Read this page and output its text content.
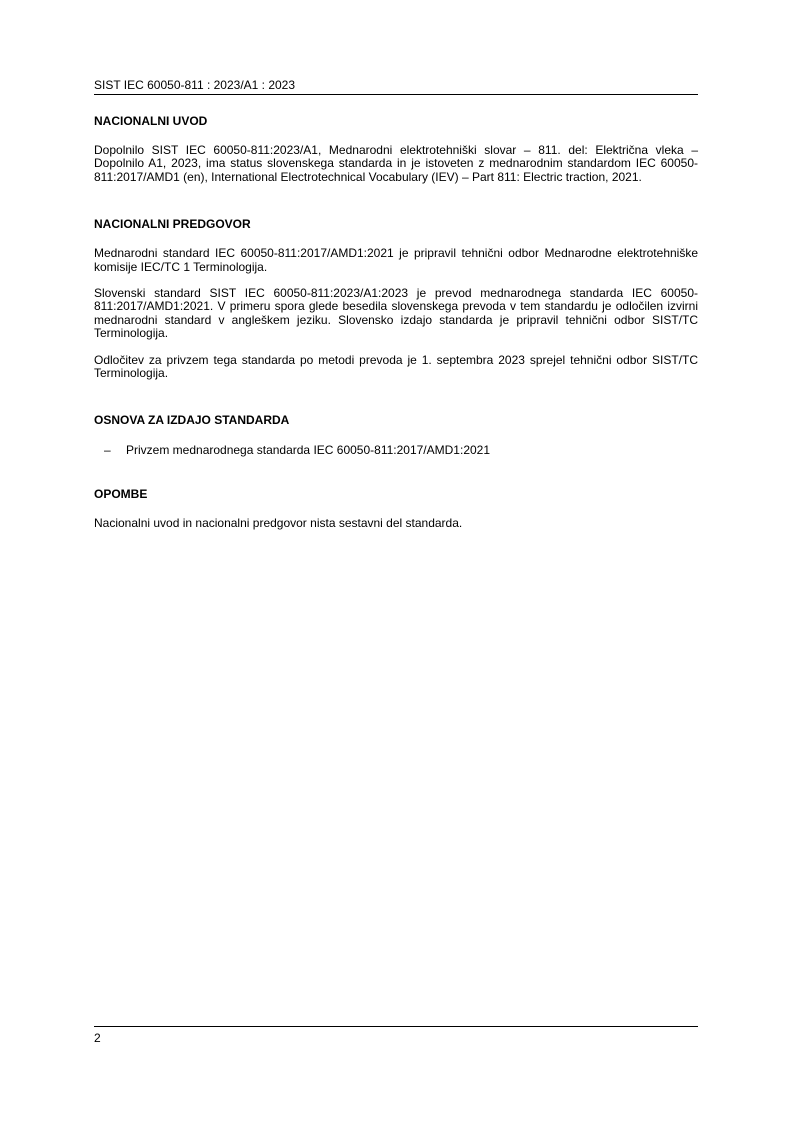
SIST IEC 60050-811 : 2023/A1 : 2023
NACIONALNI UVOD

Dopolnilo SIST IEC 60050-811:2023/A1, Mednarodni elektrotehniški slovar – 811. del: Električna vleka – Dopolnilo A1, 2023, ima status slovenskega standarda in je istoveten z mednarodnim standardom IEC 60050-811:2017/AMD1 (en), International Electrotechnical Vocabulary (IEV) – Part 811: Electric traction, 2021.

NACIONALNI PREDGOVOR

Mednarodni standard IEC 60050-811:2017/AMD1:2021 je pripravil tehnični odbor Mednarodne elektrotehniške komisije IEC/TC 1 Terminologija.

Slovenski standard SIST IEC 60050-811:2023/A1:2023 je prevod mednarodnega standarda IEC 60050-811:2017/AMD1:2021. V primeru spora glede besedila slovenskega prevoda v tem standardu je odločilen izvirni mednarodni standard v angleškem jeziku. Slovensko izdajo standarda je pripravil tehnični odbor SIST/TC Terminologija.

Odločitev za privzem tega standarda po metodi prevoda je 1. septembra 2023 sprejel tehnični odbor SIST/TC Terminologija.

OSNOVA ZA IZDAJO STANDARDA
– Privzem mednarodnega standarda IEC 60050-811:2017/AMD1:2021
OPOMBE

Nacionalni uvod in nacionalni predgovor nista sestavni del standarda.

2
